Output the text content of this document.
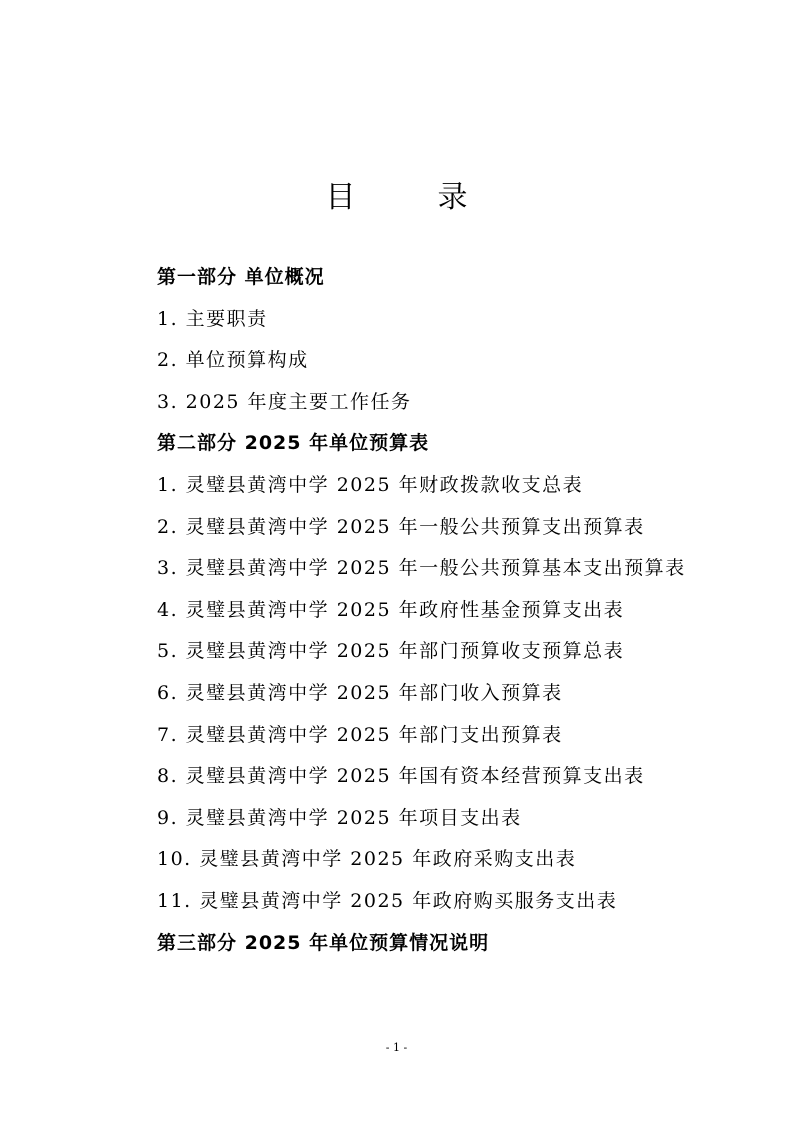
目　录
第一部分 单位概况
1. 主要职责
2. 单位预算构成
3. 2025 年度主要工作任务
第二部分 2025 年单位预算表
1. 灵璧县黄湾中学 2025 年财政拨款收支总表
2. 灵璧县黄湾中学 2025 年一般公共预算支出预算表
3. 灵璧县黄湾中学 2025 年一般公共预算基本支出预算表
4. 灵璧县黄湾中学 2025 年政府性基金预算支出表
5. 灵璧县黄湾中学 2025 年部门预算收支预算总表
6. 灵璧县黄湾中学 2025 年部门收入预算表
7. 灵璧县黄湾中学 2025 年部门支出预算表
8. 灵璧县黄湾中学 2025 年国有资本经营预算支出表
9. 灵璧县黄湾中学 2025 年项目支出表
10. 灵璧县黄湾中学 2025 年政府采购支出表
11. 灵璧县黄湾中学 2025 年政府购买服务支出表
第三部分 2025 年单位预算情况说明
- 1 -
